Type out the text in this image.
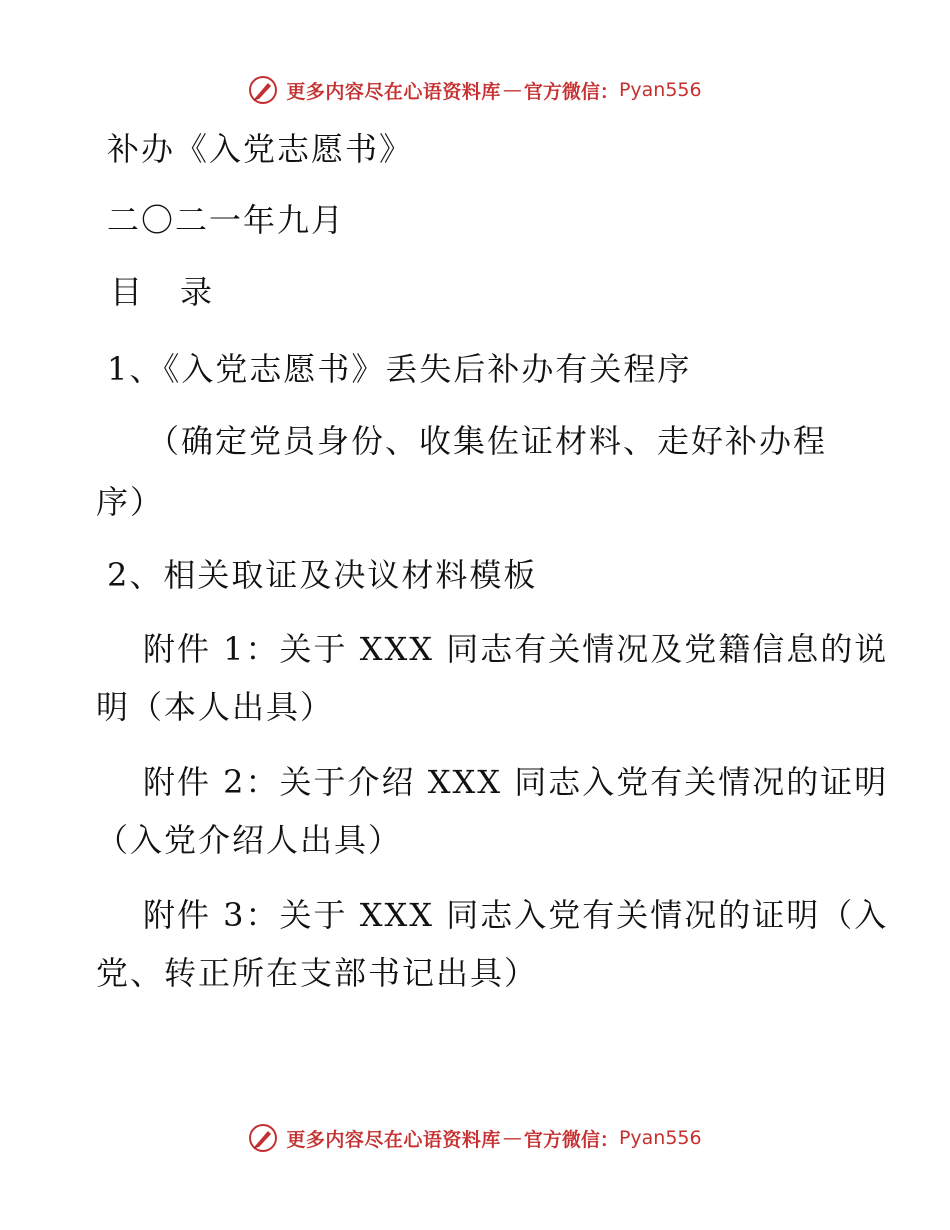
更多内容尽在心语资料库 — 官方微信： Pyan556
补办《入党志愿书》
二〇二一年九月
目 录
1、《入党志愿书》丢失后补办有关程序
（确定党员身份、收集佐证材料、走好补办程
序）
2、相关取证及决议材料模板
附件 1：关于 XXX 同志有关情况及党籍信息的说
明（本人出具）
附件 2：关于介绍 XXX 同志入党有关情况的证明
（入党介绍人出具）
附件 3：关于 XXX 同志入党有关情况的证明（入
党、转正所在支部书记出具）
更多内容尽在心语资料库 — 官方微信： Pyan556
